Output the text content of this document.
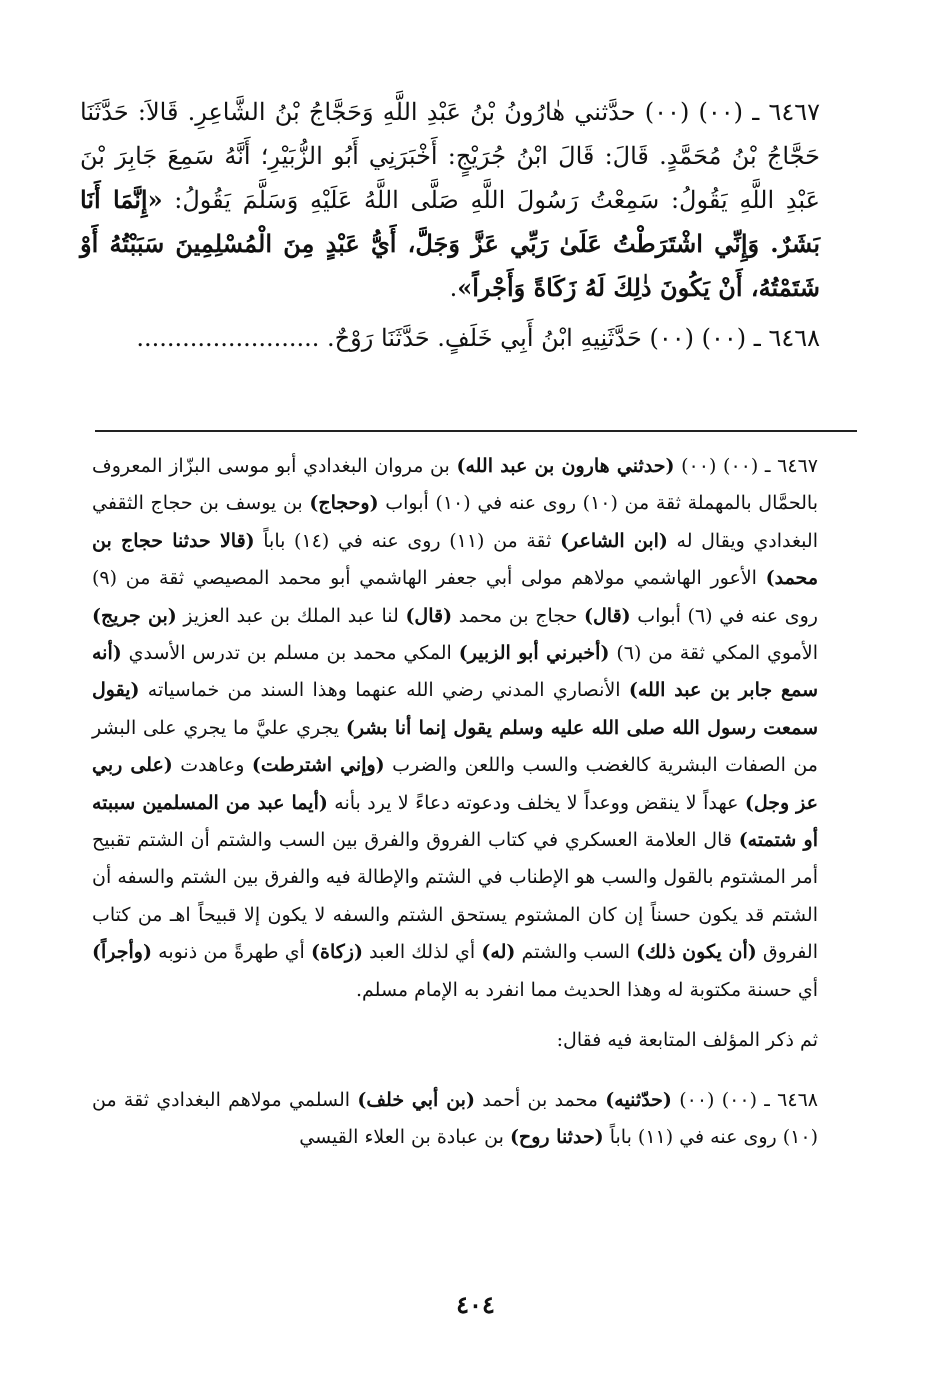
٦٤٦٧ ـ (٠٠) (٠٠) حدَّثني هٰارُونُ بْنُ عَبْدِ اللَّهِ وَحَجَّاجُ بْنُ الشَّاعِرِ. قَالاَ: حَدَّثَنَا حَجَّاجُ بْنُ مُحَمَّدٍ. قَالَ: قَالَ ابْنُ جُرَيْجٍ: أَخْبَرَنِي أَبُو الزُّبَيْرِ؛ أَنَّهُ سَمِعَ جَابِرَ بْنَ عَبْدِ اللَّهِ يَقُولُ: سَمِعْتُ رَسُولَ اللَّهِ صَلَّى اللَّهُ عَلَيْهِ وَسَلَّمَ يَقُولُ: «إِنَّمَا أَنَا بَشَرٌ. وَإِنِّي اشْتَرَطْتُ عَلَىٰ رَبِّي عَزَّ وَجَلَّ، أَيُّ عَبْدٍ مِنَ الْمُسْلِمِينَ سَبَبْتُهُ أَوْ شَتَمْتُهُ، أَنْ يَكُونَ ذٰلِكَ لَهُ زَكَاةً وَأَجْراً».

٦٤٦٨ ـ (٠٠) (٠٠) حَدَّثَنِيهِ ابْنُ أَبِي خَلَفٍ. حَدَّثَنَا رَوْحٌ. ........................

٦٤٦٧ ـ (٠٠) (٠٠) (حدثني هارون بن عبد الله) بن مروان البغدادي أبو موسى البزّاز المعروف بالحمَّال بالمهملة ثقة من (١٠) روى عنه في (١٠) أبواب (وحجاج) بن يوسف بن حجاج الثقفي البغدادي ويقال له (ابن الشاعر) ثقة من (١١) روى عنه في (١٤) باباً (قالا حدثنا حجاج بن محمد) الأعور الهاشمي مولاهم مولى أبي جعفر الهاشمي أبو محمد المصيصي ثقة من (٩) روى عنه في (٦) أبواب (قال) حجاج بن محمد (قال) لنا عبد الملك بن عبد العزيز (بن جريج) الأموي المكي ثقة من (٦) (أخبرني أبو الزبير) المكي محمد بن مسلم بن تدرس الأسدي (أنه سمع جابر بن عبد الله) الأنصاري المدني رضي الله عنهما وهذا السند من خماسياته (يقول سمعت رسول الله صلى الله عليه وسلم يقول إنما أنا بشر) يجري عليَّ ما يجري على البشر من الصفات البشرية كالغضب والسب واللعن والضرب (وإني اشترطت) وعاهدت (على ربي عز وجل) عهداً لا ينقض ووعداً لا يخلف ودعوته دعاءً لا يرد بأنه (أيما عبد من المسلمين سببته أو شتمته) قال العلامة العسكري في كتاب الفروق والفرق بين السب والشتم أن الشتم تقبيح أمر المشتوم بالقول والسب هو الإطناب في الشتم والإطالة فيه والفرق بين الشتم والسفه أن الشتم قد يكون حسناً إن كان المشتوم يستحق الشتم والسفه لا يكون إلا قبيحاً اهـ من كتاب الفروق (أن يكون ذلك) السب والشتم (له) أي لذلك العبد (زكاة) أي طهرةً من ذنوبه (وأجراً) أي حسنة مكتوبة له وهذا الحديث مما انفرد به الإمام مسلم.

ثم ذكر المؤلف المتابعة فيه فقال:

٦٤٦٨ ـ (٠٠) (٠٠) (حدّثنيه) محمد بن أحمد (بن أبي خلف) السلمي مولاهم البغدادي ثقة من (١٠) روى عنه في (١١) باباً (حدثنا روح) بن عبادة بن العلاء القيسي

٤٠٤
